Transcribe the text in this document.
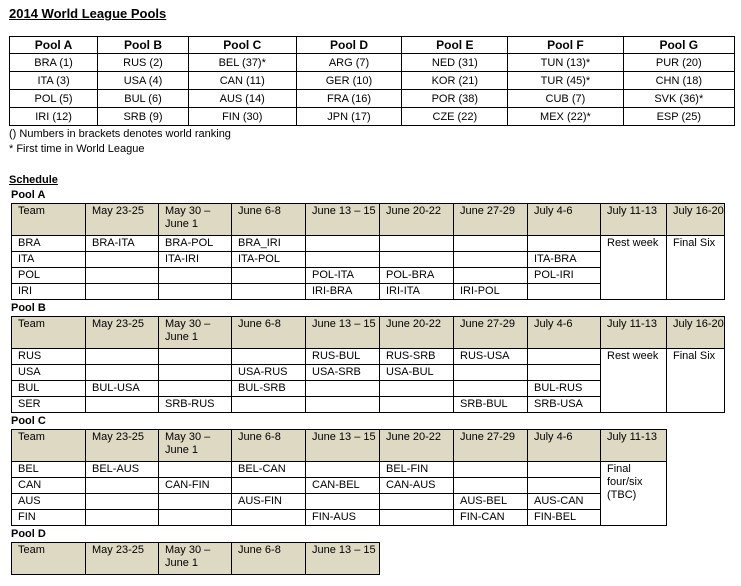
2014 World League Pools
Pool A	Pool B	Pool C	Pool D	Pool E	Pool F	Pool G
BRA (1)	RUS (2)	BEL (37)*	ARG (7)	NED (31)	TUN (13)*	PUR (20)
ITA (3)	USA (4)	CAN (11)	GER (10)	KOR (21)	TUR (45)*	CHN (18)
POL (5)	BUL (6)	AUS (14)	FRA (16)	POR (38)	CUB (7)	SVK (36)*
IRI (12)	SRB (9)	FIN (30)	JPN (17)	CZE (22)	MEX (22)*	ESP (25)
() Numbers in brackets denotes world ranking
* First time in World League
Schedule
Pool A
Team	May 23-25	May 30 – June 1	June 6-8	June 13 – 15	June 20-22	June 27-29	July 4-6	July 11-13	July 16-20
BRA	BRA-ITA	BRA-POL	BRA_IRI					Rest week	Final Six
ITA		ITA-IRI	ITA-POL				ITA-BRA		
POL				POL-ITA	POL-BRA		POL-IRI		
IRI				IRI-BRA	IRI-ITA	IRI-POL			
Pool B
Team	May 23-25	May 30 – June 1	June 6-8	June 13 – 15	June 20-22	June 27-29	July 4-6	July 11-13	July 16-20
RUS				RUS-BUL	RUS-SRB	RUS-USA		Rest week	Final Six
USA			USA-RUS	USA-SRB	USA-BUL				
BUL	BUL-USA		BUL-SRB				BUL-RUS		
SER		SRB-RUS				SRB-BUL	SRB-USA		
Pool C
Team	May 23-25	May 30 – June 1	June 6-8	June 13 – 15	June 20-22	June 27-29	July 4-6	July 11-13
BEL	BEL-AUS		BEL-CAN		BEL-FIN			Final four/six (TBC)
CAN		CAN-FIN		CAN-BEL	CAN-AUS			
AUS			AUS-FIN			AUS-BEL	AUS-CAN	
FIN				FIN-AUS		FIN-CAN	FIN-BEL	
Pool D
Team	May 23-25	May 30 – June 1	June 6-8	June 13 – 15
